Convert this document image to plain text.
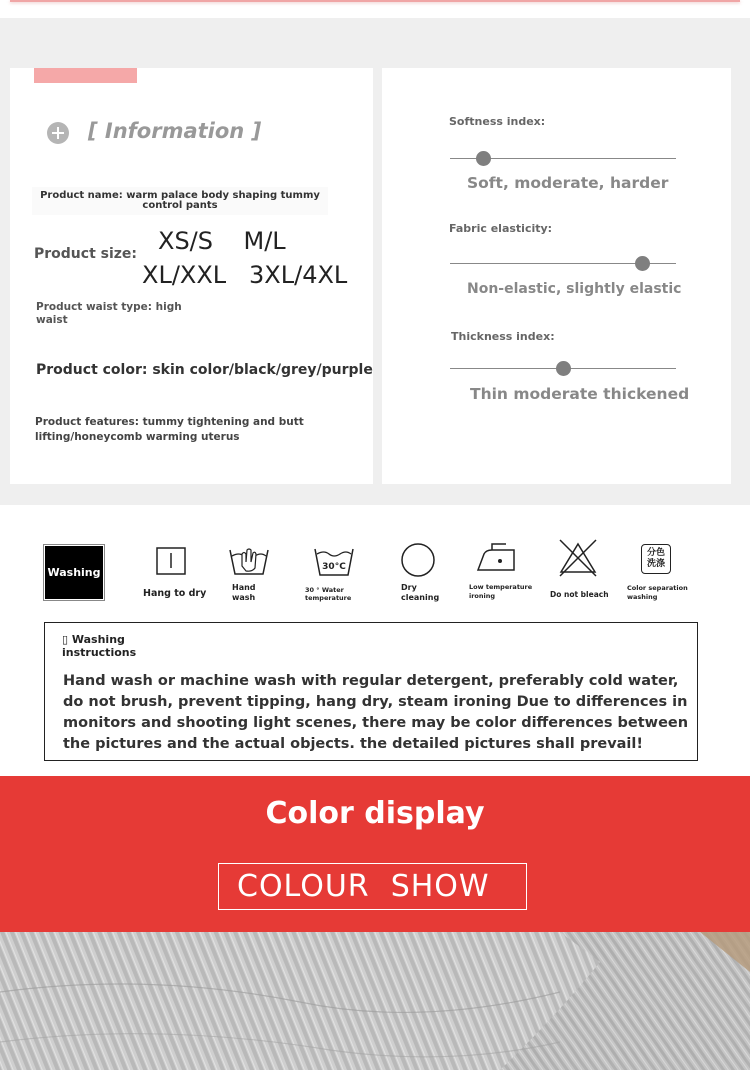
[ Information ]
Product name: warm palace body shaping tummy control pants
Product size: XS/S    M/L
XL/XXL   3XL/4XL
Product waist type: high waist
Product color: skin color/black/grey/purple
Product features: tummy tightening and butt lifting/honeycomb warming uterus
Softness index:
Soft, moderate, harder
Fabric elasticity:
Non-elastic, slightly elastic
Thickness index:
Thin moderate thickened
Washing
Hang to dry
Hand wash
30°C
30 ° Water temperature
Dry cleaning
Low temperature ironing	Do not bleach
分色 洗涤
Color separation washing
▯ Washing instructions
Hand wash or machine wash with regular detergent, preferably cold water, do not brush, prevent tipping, hang dry, steam ironing Due to differences in monitors and shooting light scenes, there may be color differences between the pictures and the actual objects. the detailed pictures shall prevail!
Color display
COLOUR  SHOW
